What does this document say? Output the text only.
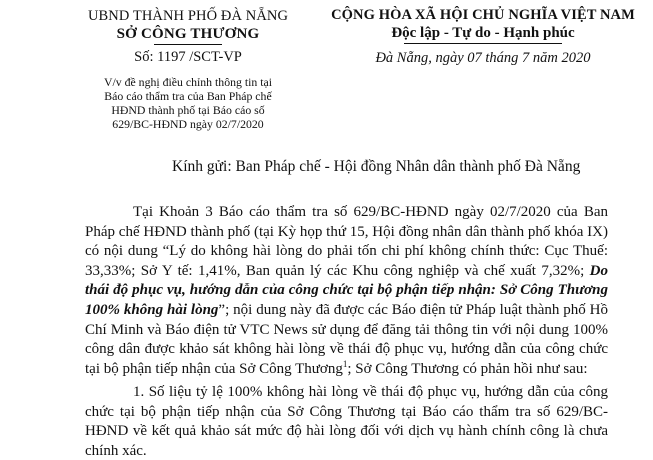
UBND THÀNH PHỐ ĐÀ NẴNG
SỞ CÔNG THƯƠNG
Số: 1197 /SCT-VP
V/v đề nghị điều chỉnh thông tin tại
Báo cáo thẩm tra của Ban Pháp chế
HĐND thành phố tại Báo cáo số
629/BC-HĐND ngày 02/7/2020
CỘNG HÒA XÃ HỘI CHỦ NGHĨA VIỆT NAM
Độc lập - Tự do - Hạnh phúc
Đà Nẵng, ngày 07 tháng 7 năm 2020
Kính gửi: Ban Pháp chế - Hội đồng Nhân dân thành phố Đà Nẵng

Tại Khoản 3 Báo cáo thẩm tra số 629/BC-HĐND ngày 02/7/2020 của Ban Pháp chế HĐND thành phố (tại Kỳ họp thứ 15, Hội đồng nhân dân thành phố khóa IX) có nội dung “Lý do không hài lòng do phải tốn chi phí không chính thức: Cục Thuế: 33,33%; Sở Y tế: 1,41%, Ban quản lý các Khu công nghiệp và chế xuất 7,32%; Do thái độ phục vụ, hướng dẫn của công chức tại bộ phận tiếp nhận: Sở Công Thương 100% không hài lòng”; nội dung này đã được các Báo điện tử Pháp luật thành phố Hồ Chí Minh và Báo điện tử VTC News sử dụng để đăng tải thông tin với nội dung 100% công dân được khảo sát không hài lòng về thái độ phục vụ, hướng dẫn của công chức tại bộ phận tiếp nhận của Sở Công Thương$^1$; Sở Công Thương có phản hồi như sau:

1. Số liệu tỷ lệ 100% không hài lòng về thái độ phục vụ, hướng dẫn của công chức tại bộ phận tiếp nhận của Sở Công Thương tại Báo cáo thẩm tra số 629/BC-HĐND về kết quả khảo sát mức độ hài lòng đối với dịch vụ hành chính công là chưa chính xác.
